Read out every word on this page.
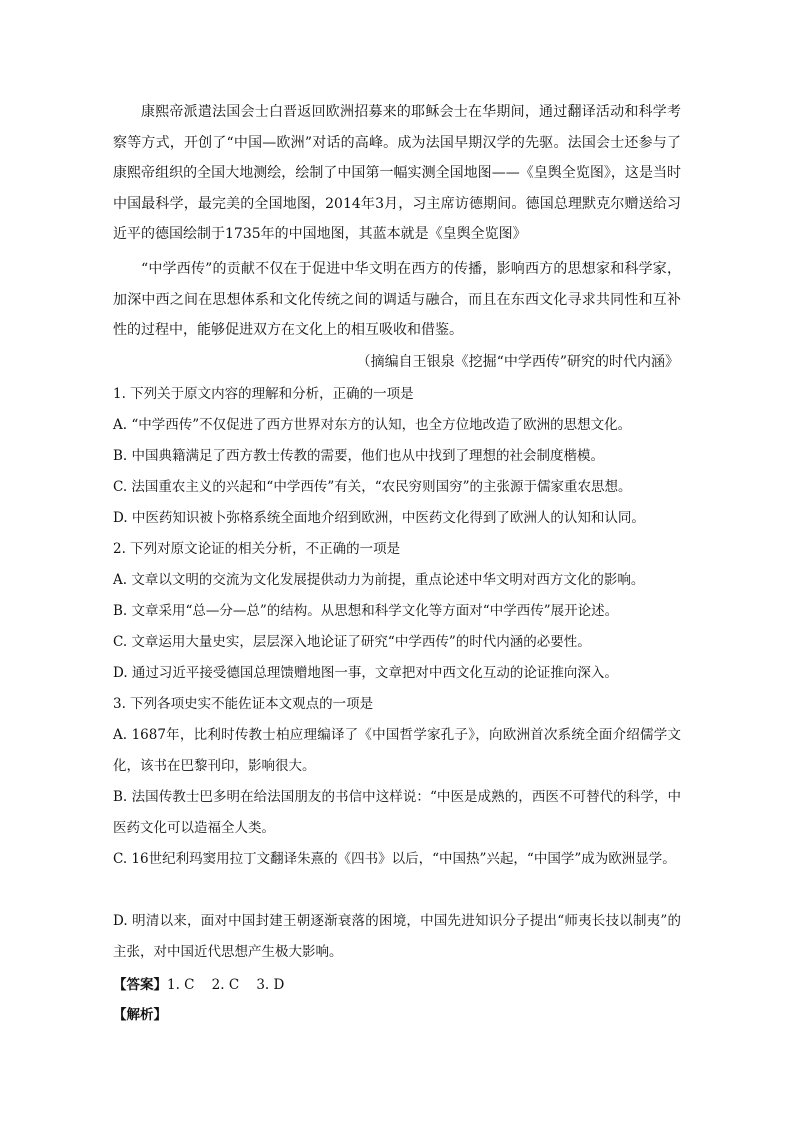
康熙帝派遣法国会士白晋返回欧洲招募来的耶稣会士在华期间，通过翻译活动和科学考察等方式，开创了“中国—欧洲”对话的高峰。成为法国早期汉学的先驱。法国会士还参与了康熙帝组织的全国大地测绘，绘制了中国第一幅实测全国地图——《皇舆全览图》，这是当时中国最科学，最完美的全国地图，2014年3月，习主席访德期间。德国总理默克尔赠送给习近平的德国绘制于1735年的中国地图，其蓝本就是《皇舆全览图》

“中学西传”的贡献不仅在于促进中华文明在西方的传播，影响西方的思想家和科学家，加深中西之间在思想体系和文化传统之间的调适与融合，而且在东西文化寻求共同性和互补性的过程中，能够促进双方在文化上的相互吸收和借鉴。

（摘编自王银泉《挖掘“中学西传”研究的时代内涵》

1. 下列关于原文内容的理解和分析，正确的一项是

A. “中学西传”不仅促进了西方世界对东方的认知，也全方位地改造了欧洲的思想文化。

B. 中国典籍满足了西方教士传教的需要，他们也从中找到了理想的社会制度楷模。

C. 法国重农主义的兴起和“中学西传”有关，“农民穷则国穷”的主张源于儒家重农思想。

D. 中医药知识被卜弥格系统全面地介绍到欧洲，中医药文化得到了欧洲人的认知和认同。

2. 下列对原文论证的相关分析，不正确的一项是

A. 文章以文明的交流为文化发展提供动力为前提，重点论述中华文明对西方文化的影响。

B. 文章采用“总—分—总”的结构。从思想和科学文化等方面对“中学西传”展开论述。

C. 文章运用大量史实，层层深入地论证了研究“中学西传”的时代内涵的必要性。

D. 通过习近平接受德国总理馈赠地图一事，文章把对中西文化互动的论证推向深入。

3. 下列各项史实不能佐证本文观点的一项是

A. 1687年，比利时传教士柏应理编译了《中国哲学家孔子》，向欧洲首次系统全面介绍儒学文化，该书在巴黎刊印，影响很大。

B. 法国传教士巴多明在给法国朋友的书信中这样说：“中医是成熟的，西医不可替代的科学，中医药文化可以造福全人类。

C. 16世纪利玛窦用拉丁文翻译朱熹的《四书》以后，“中国热”兴起，“中国学”成为欧洲显学。

D. 明清以来，面对中国封建王朝逐渐衰落的困境，中国先进知识分子提出“师夷长技以制夷”的主张，对中国近代思想产生极大影响。

【答案】1. C    2. C    3. D

【解析】
